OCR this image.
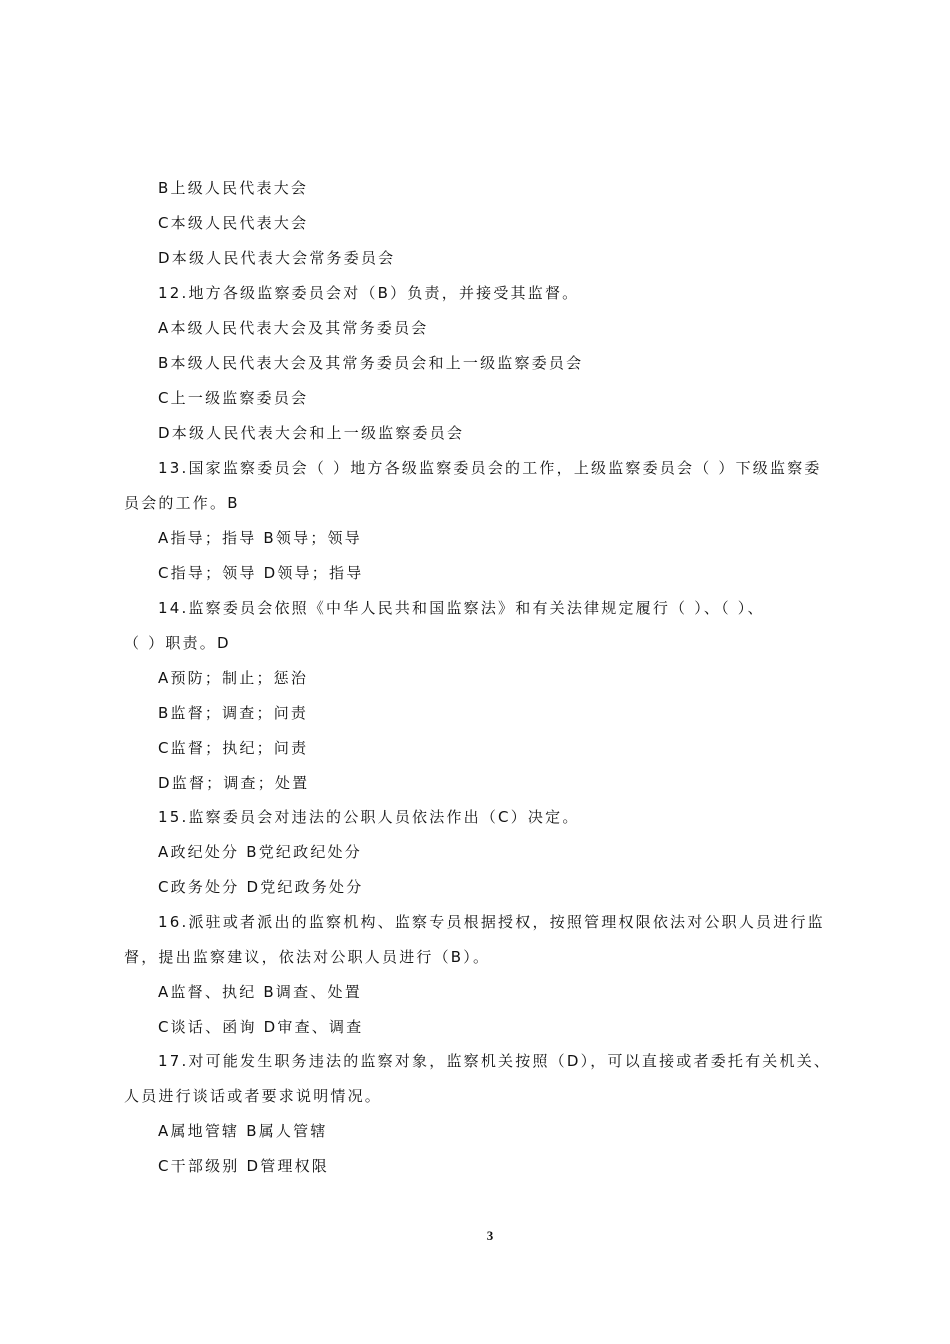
B上级人民代表大会

C本级人民代表大会

D本级人民代表大会常务委员会

12.地方各级监察委员会对（B）负责，并接受其监督。

A本级人民代表大会及其常务委员会

B本级人民代表大会及其常务委员会和上一级监察委员会

C上一级监察委员会

D本级人民代表大会和上一级监察委员会

13.国家监察委员会（ ）地方各级监察委员会的工作，上级监察委员会（ ）下级监察委

员会的工作。B

A指导；指导 B领导；领导

C指导；领导 D领导；指导

14.监察委员会依照《中华人民共和国监察法》和有关法律规定履行（ ）、（ ）、

（ ）职责。D

A预防；制止；惩治

B监督；调查；问责

C监督；执纪；问责

D监督；调查；处置

15.监察委员会对违法的公职人员依法作出（C）决定。

A政纪处分 B党纪政纪处分

C政务处分 D党纪政务处分

16.派驻或者派出的监察机构、监察专员根据授权，按照管理权限依法对公职人员进行监

督，提出监察建议，依法对公职人员进行（B）。

A监督、执纪 B调查、处置

C谈话、函询 D审查、调查

17.对可能发生职务违法的监察对象，监察机关按照（D），可以直接或者委托有关机关、

人员进行谈话或者要求说明情况。

A属地管辖 B属人管辖

C干部级别 D管理权限

3
